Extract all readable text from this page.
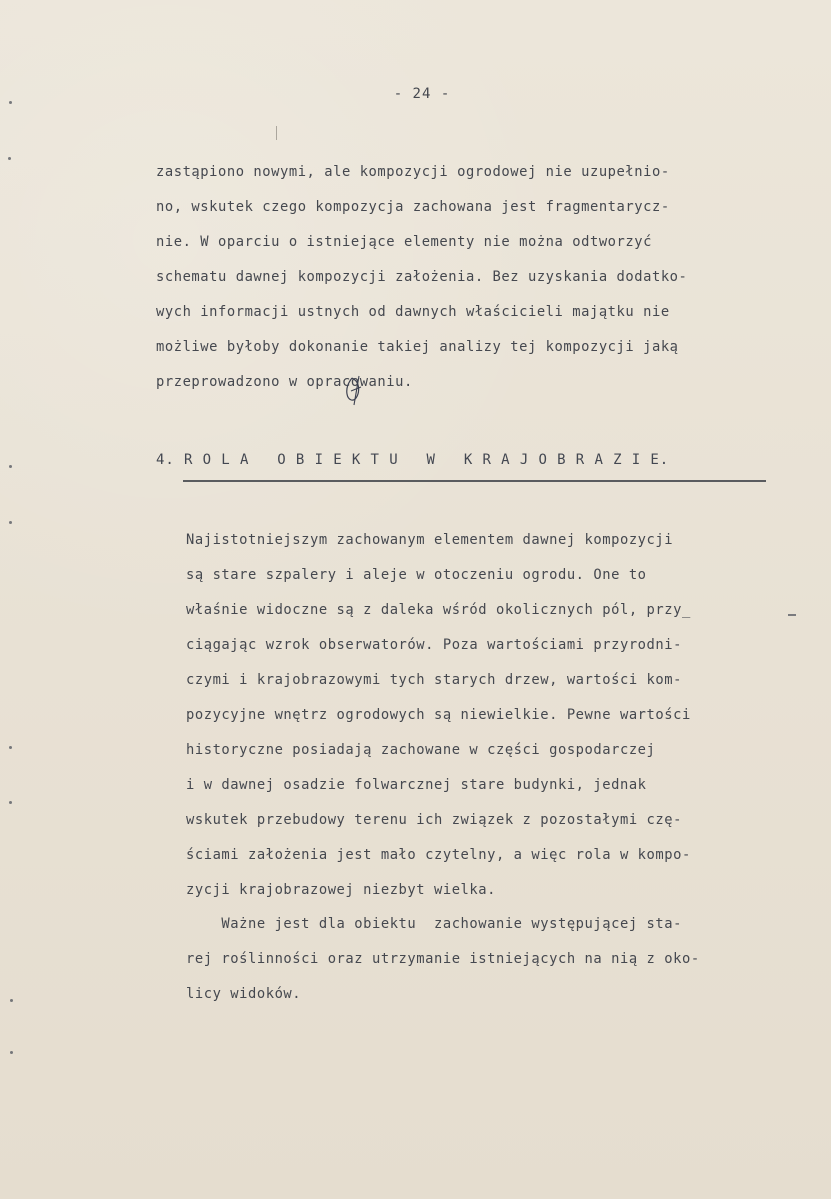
- 24 -
zastąpiono nowymi, ale kompozycji ogrodowej nie uzupełnio-
no, wskutek czego kompozycja zachowana jest fragmentarycz-
nie. W oparciu o istniejące elementy nie można odtworzyć
schematu dawnej kompozycji założenia. Bez uzyskania dodatko-
wych informacji ustnych od dawnych właścicieli majątku nie
możliwe byłoby dokonanie takiej analizy tej kompozycji jaką
przeprowadzono w opracowaniu.
4. R O L A   O B I E K T U   W   K R A J O B R A Z I E.
Najistotniejszym zachowanym elementem dawnej kompozycji
są stare szpalery i aleje w otoczeniu ogrodu. One to
właśnie widoczne są z daleka wśród okolicznych pól, przy_
ciągając wzrok obserwatorów. Poza wartościami przyrodni-
czymi i krajobrazowymi tych starych drzew, wartości kom-
pozycyjne wnętrz ogrodowych są niewielkie. Pewne wartości
historyczne posiadają zachowane w części gospodarczej
i w dawnej osadzie folwarcznej stare budynki, jednak
wskutek przebudowy terenu ich związek z pozostałymi czę-
ściami założenia jest mało czytelny, a więc rola w kompo-
zycji krajobrazowej niezbyt wielka.
Ważne jest dla obiektu  zachowanie występującej sta-
rej roślinności oraz utrzymanie istniejących na nią z oko-
licy widoków.
